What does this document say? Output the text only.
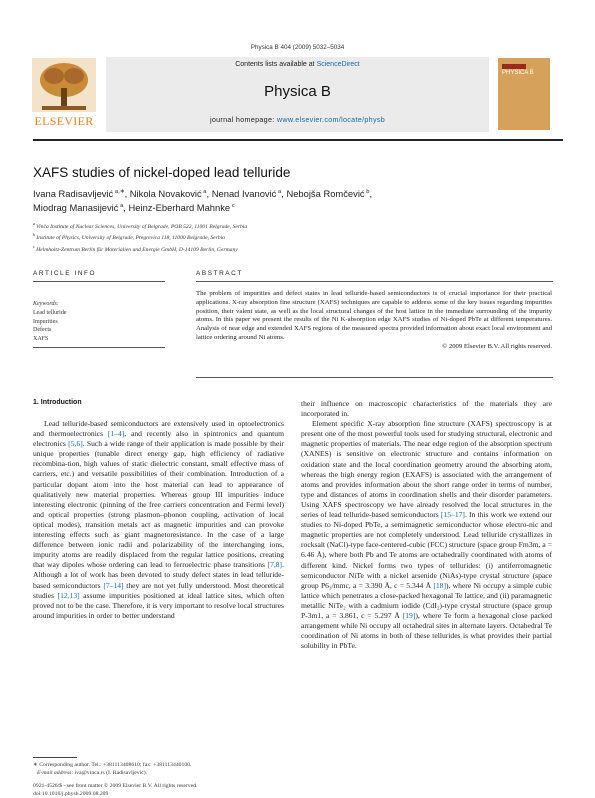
Physica B 404 (2009) 5032–5034
Contents lists available at ScienceDirect
Physica B
journal homepage: www.elsevier.com/locate/physb
ELSEVIER
PHYSICA B
XAFS studies of nickel-doped lead telluride
Ivana Radisavljević $^{a,∗}$, Nikola Novaković $^a$, Nenad Ivanović $^a$, Nebojša Romčević $^b$,
Miodrag Manasijević $^a$, Heinz-Eberhard Mahnke $^c$
$^a$ Vinča Institute of Nuclear Sciences, University of Belgrade, POB 522, 11001 Belgrade, Serbia
$^b$ Institute of Physics, University of Belgrade, Pregrevica 118, 11000 Belgrade, Serbia
$^c$ Helmholtz-Zentrum Berlin für Materialien und Energie GmbH, D-14109 Berlin, Germany
ARTICLE INFO
Keywords:
Lead telluride
Impurities
Defects
XAFS
ABSTRACT
The problem of impurities and defect states in lead telluride-based semiconductors is of crucial importance for their practical applications. X-ray absorption fine structure (XAFS) techniques are capable to address some of the key issues regarding impurities position, their valent state, as well as the local structural changes of the host lattice in the immediate surrounding of the impurity atoms. In this paper we present the results of the Ni K-absorption edge XAFS studies of Ni-doped PbTe at different temperatures. Analysis of near edge and extended XAFS regions of the measured spectra provided information about exact local environment and lattice ordering around Ni atoms.
© 2009 Elsevier B.V. All rights reserved.
1. Introduction

Lead telluride-based semiconductors are extensively used in optoelectronics and thermoelectronics [1–4], and recently also in spintronics and quantum electronics [5,6]. Such a wide range of their application is made possible by their unique properties (tunable direct energy gap, high efficiency of radiative recombina-tion, high values of static dielectric constant, small effective mass of carriers, etc.) and versatile possibilities of their combination. Introduction of a particular dopant atom into the host material can lead to appearance of qualitatively new material properties. Whereas group III impurities induce interesting electronic (pinning of the free carriers concentration and Fermi level) and optical properties (strong plasmon–phonon coupling, activation of local optical modes), transition metals act as magnetic impurities and can provoke interesting effects such as giant magnetoresistance. In the case of a large difference between ionic radii and polarizability of the interchanging ions, impurity atoms are readily displaced from the regular lattice positions, creating that way dipoles whose ordering can lead to ferroelectric phase transitions [7,8]. Although a lot of work has been devoted to study defect states in lead telluride-based semiconductors [7–14] they are not yet fully understood. Most theoretical studies [12,13] assume impurities positioned at ideal lattice sites, which often proved not to be the case. Therefore, it is very important to resolve local structures around impurities in order to better understand

their influence on macroscopic characteristics of the materials they are incorporated in.

Element specific X-ray absorption fine structure (XAFS) spectroscopy is at present one of the most powerful tools used for studying structural, electronic and magnetic properties of materials. The near edge region of the absorption spectrum (XANES) is sensitive on electronic structure and contains information on oxidation state and the local coordination geometry around the absorbing atom, whereas the high energy region (EXAFS) is associated with the arrangement of atoms and provides information about the short range order in terms of number, type and distances of atoms in coordination shells and their disorder parameters. Using XAFS spectroscopy we have already resolved the local structures in the series of lead telluride-based semiconductors [15–17]. In this work we extend our studies to Ni-doped PbTe, a semimagnetic semiconductor whose electro-nic and magnetic properties are not completely understood. Lead telluride crystallizes in rocksalt (NaCl)-type face-centered-cubic (FCC) structure (space group Fm3m, a = 6.46 Å), where both Pb and Te atoms are octahedrally coordinated with atoms of different kind. Nickel forms two types of tellurides: (i) antiferromagnetic semiconductor NiTe with a nickel arsenide (NiAs)-type crystal structure (space group P6₃/mmc, a = 3.390 Å, c = 5.344 Å [18]), where Ni occupy a simple cubic lattice which penetrates a close-packed hexagonal Te lattice, and (ii) paramagnetic metallic NiTe₂ with a cadmium iodide (CdI₂)-type crystal structure (space group P-3m1, a = 3.861, c = 5.297 Å [19]), where Te form a hexagonal close packed arrangement while Ni occupy all octahedral sites in alternate layers. Octahedral Te coordination of Ni atoms in both of these tellurides is what provides their partial solubility in PbTe.

∗ Corresponding author. Tel.: +381113408610; fax: +381113440100.
E-mail address: iva@vinca.rs (I. Radisavljević).
0921-4526/$ - see front matter © 2009 Elsevier B.V. All rights reserved.
doi:10.1016/j.physb.2009.08.209
